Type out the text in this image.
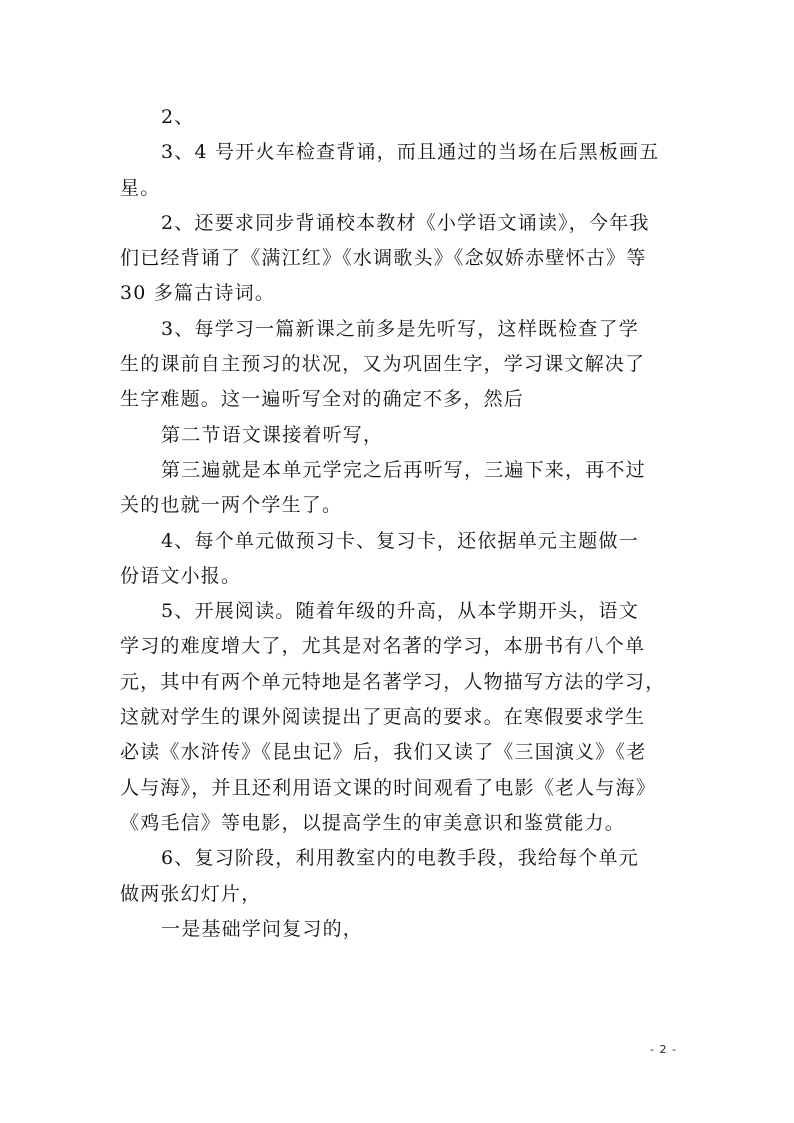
2、
3、4 号开火车检查背诵，而且通过的当场在后黑板画五
星。
2、还要求同步背诵校本教材《小学语文诵读》，今年我
们已经背诵了《满江红》《水调歌头》《念奴娇赤壁怀古》等
30 多篇古诗词。
3、每学习一篇新课之前多是先听写，这样既检查了学
生的课前自主预习的状况，又为巩固生字，学习课文解决了
生字难题。这一遍听写全对的确定不多，然后
第二节语文课接着听写，
第三遍就是本单元学完之后再听写，三遍下来，再不过
关的也就一两个学生了。
4、每个单元做预习卡、复习卡，还依据单元主题做一
份语文小报。
5、开展阅读。随着年级的升高，从本学期开头，语文
学习的难度增大了，尤其是对名著的学习，本册书有八个单
元，其中有两个单元特地是名著学习，人物描写方法的学习，
这就对学生的课外阅读提出了更高的要求。在寒假要求学生
必读《水浒传》《昆虫记》后，我们又读了《三国演义》《老
人与海》，并且还利用语文课的时间观看了电影《老人与海》
《鸡毛信》等电影，以提高学生的审美意识和鉴赏能力。
6、复习阶段，利用教室内的电教手段，我给每个单元
做两张幻灯片，
一是基础学问复习的，
- 2 -
